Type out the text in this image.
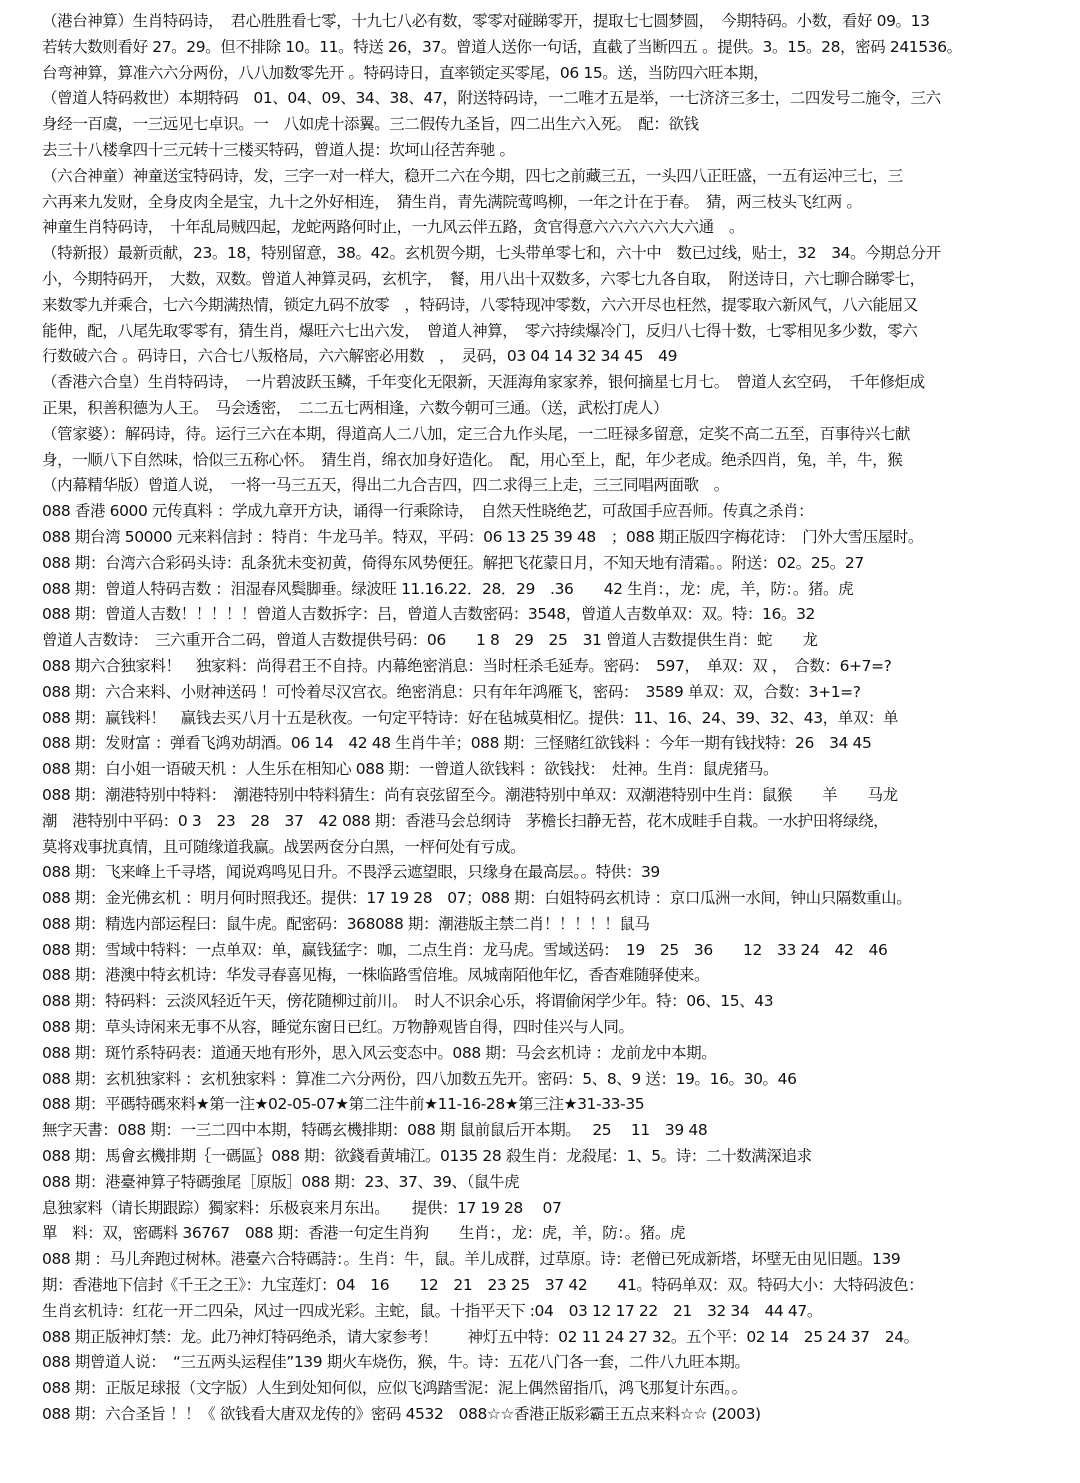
（港台神算）生肖特码诗，　君心胜胜看七零，十九七八必有数，零零对碰睇零开，提取七七圆梦圆，　今期特码。小数，看好 09。13
若转大数则看好 27。29。但不排除 10。11。特送 26，37。曾道人送你一句话，直截了当断四五 。提供。3。15。28，密码 241536。
台弯神算，算准六六分两份，八八加数零先开 。特码诗日，直率锁定买零尾，06 15。送，当防四六旺本期，
（曾道人特码救世）本期特码　01、04、09、34、38、47，附送特码诗，一二唯才五是举，一七济济三多士，二四发号二施令，三六
身经一百虞，一三远见七卓识。一　八如虎十添翼。三二假传九圣旨，四二出生六入死。　配：欲钱
去三十八楼拿四十三元转十三楼买特码，曾道人提：坎坷山径苦奔驰 。
（六合神童）神童送宝特码诗，发，三字一对一样大，稳开二六在今期，四七之前藏三五，一头四八正旺盛，一五有运冲三七，三
六再来九发财，全身皮肉全是宝，九十之外好相连，　猜生肖，青先满院莺鸣柳，一年之计在于春。　猜，两三枝头飞红两 。
神童生肖特码诗，　十年乱局贼四起，龙蛇两路何时止，一九风云伴五路，贪官得意六六六六六大六通　。
（特新报）最新贡献，23。18，特别留意，38。42。玄机贺今期，七头带单零七和，六十中　数已过线，贴士，32　34。今期总分开
小，今期特码开，　大数，双数。曾道人神算灵码，玄机字，　餐，用八出十双数多，六零七九各自取，　附送诗日，六七聊合睇零七，
来数零九并乘合，七六今期满热情，锁定九码不放零　，特码诗，八零特现冲零数，六六开尽也枉然，提零取六新风气，八六能屈又
能伸，配，八尾先取零零有，猜生肖，爆旺六七出六发，　曾道人神算，　零六持续爆冷门，反归八七得十数，七零相见多少数，零六
行数破六合 。码诗日，六合七八叛格局，六六解密必用数　，　灵码，03 04 14 32 34 45　49
（香港六合皇）生肖特码诗，　一片碧波跃玉鳞，千年变化无限新，天涯海角家家养，银何摘星七月七。　曾道人玄空码，　千年修炬成
正果，积善积德为人王。　马会透密，　二二五七两相逢，六数今朝可三通。（送，武松打虎人）
（管家婆）：解码诗，待。运行三六在本期，得道高人二八加，定三合九作头尾，一二旺禄多留意，定奖不高二五至，百事待兴七献
身，一顺八下自然味，恰似三五称心怀。　猜生肖，绵衣加身好造化。　配，用心至上，配，年少老成。绝杀四肖，兔，羊，牛，猴
（内幕精华版）曾道人说，　一将一马三五天，得出二九合吉四，四二求得三上走，三三同唱两面歌　。
088 香港 6000 元传真料 ：学成九章开方诀，诵得一行乘除诗，　自然天性晓绝艺，可敌国手应吾师。传真之杀肖：
088 期台湾 50000 元来料信封 ：特肖：牛龙马羊。特双，平码：06 13 25 39 48　；088 期正版四字梅花诗：　门外大雪压屋时。
088 期：台湾六合彩码头诗：乱条犹未变初黄，倚得东风势便狂。解把飞花蒙日月，不知天地有清霜。。附送：02。25。27
088 期：曾道人特码吉数 ：泪湿春风鬓脚垂。绿波旺 11.16.22．28．29　.36　　42 生肖：，龙：虎，羊，防：。猪。虎
088 期：曾道人吉数！！！！！曾道人吉数拆字：吕，曾道人吉数密码：3548，曾道人吉数单双：双。特：16。32
曾道人吉数诗：　三六重开合二码，曾道人吉数提供号码：06　　1 8　29　25　31 曾道人吉数提供生肖：蛇　　龙
088 期六合独家料！　独家料：尚得君王不自持。内幕绝密消息：当时枉杀毛延寿。密码：　597，　单双：双 ，　合数：6+7=?
088 期：六合来料、小财神送码 ！可怜着尽汉宫衣。绝密消息：只有年年鸿雁飞，密码：　3589 单双：双，合数：3+1=?
088 期：赢钱料！　赢钱去买八月十五是秋夜。一句定平特诗：好在毡城莫相忆。提供：11、16、24、39、32、43，单双：单
088 期：发财富 ：弹看飞鸿劝胡酒。06 14　42 48 生肖牛羊；088 期：三怪赌红欲钱料 ：今年一期有钱找特：26　34 45
088 期：白小姐一语破天机 ：人生乐在相知心 088 期：一曾道人欲钱料 ：欲钱找：　灶神。生肖：鼠虎猪马。
088 期：潮港特别中特料：　潮港特别中特料猜生：尚有哀弦留至今。潮港特别中单双：双潮港特别中生肖：鼠猴　　羊　　马龙
潮　港特别中平码：0 3　23　28　37　42 088 期：香港马会总纲诗　茅檐长扫静无苔，花木成畦手自栽。一水护田将绿绕，
莫将戏事扰真情，且可随缘道我赢。战罢两奁分白黑，一枰何处有亏成。
088 期：飞来峰上千寻塔，闻说鸡鸣见日升。不畏浮云遮望眼，只缘身在最高层。。特供：39
088 期：金光佛玄机 ：明月何时照我还。提供：17 19 28　07；088 期：白姐特码玄机诗 ：京口瓜洲一水间，钟山只隔数重山。
088 期：精选内部运程曰：鼠牛虎。配密码：368088 期：潮港版主禁二肖！！！！！鼠马
088 期：雪域中特料：一点单双：单，赢钱猛字：咖，二点生肖：龙马虎。雪域送码：　19　25　36　　12　33 24　42　46
088 期：港澳中特玄机诗：华发寻春喜见梅，一株临路雪倍堆。凤城南陌他年忆，香杳难随驿使来。
088 期：特码料：云淡风轻近午天，傍花随柳过前川。　时人不识余心乐，将谓偷闲学少年。特：06、15、43
088 期：草头诗闲来无事不从容，睡觉东窗日已红。万物静观皆自得，四时佳兴与人同。
088 期：斑竹系特码表：道通天地有形外，思入风云变态中。088 期：马会玄机诗 ：龙前龙中本期。
088 期：玄机独家料 ：玄机独家料 ：算准二六分两份，四八加数五先开。密码：5、8、9 送：19。16。30。46
088 期：平碼特碼來料★第一注★02-05-07★第二注牛前★11-16-28★第三注★31-33-35
無字天書：088 期：一三二四中本期，特碼玄機排期：088 期 鼠前鼠后开本期。　 25　 11　39 48
088 期：馬會玄機排期｛一碼區｝088 期：欲錢看黄埔江。0135 28 殺生肖：龙殺尾：1、5。诗：二十数满深追求
088 期：港臺神算子特碼強尾［原版］088 期：23、37、39、（鼠牛虎
息独家料（请长期跟踪）獨家料：乐极哀来月东出。　　提供：17 19 28　 07
單　料：双，密碼料 36767　088 期：香港一句定生肖狗　　生肖：，龙：虎，羊，防：。猪。虎
088 期 ：马儿奔跑过树林。港臺六合特碼詩：。生肖：牛，鼠。羊儿成群，过草原。诗：老僧已死成新塔，坏壁无由见旧题。139
期：香港地下信封《千王之王》：九宝莲灯：04　16　　12　21　23 25　37 42　　41。特码单双：双。特码大小：大特码波色：
生肖玄机诗：红花一开二四朵，风过一四成光彩。主蛇，鼠。十指平天下 :04　03 12 17 22　21　32 34　44 47。
088 期正版神灯禁：龙。此乃神灯特码绝杀，请大家参考！　　神灯五中特：02 11 24 27 32。五个平：02 14　25 24 37　24。
088 期曾道人说：　“三五两头运程佳”139 期火车烧伤，猴，牛。诗：五花八门各一套，二件八九旺本期。
088 期：正版足球报（文字版）人生到处知何似，应似飞鸿踏雪泥：泥上偶然留指爪，鸿飞那复计东西。。
088 期：六合圣旨 ！！《 欲钱看大唐双龙传的》密码 4532　088☆☆香港正版彩霸王五点来料☆☆ (2003)
